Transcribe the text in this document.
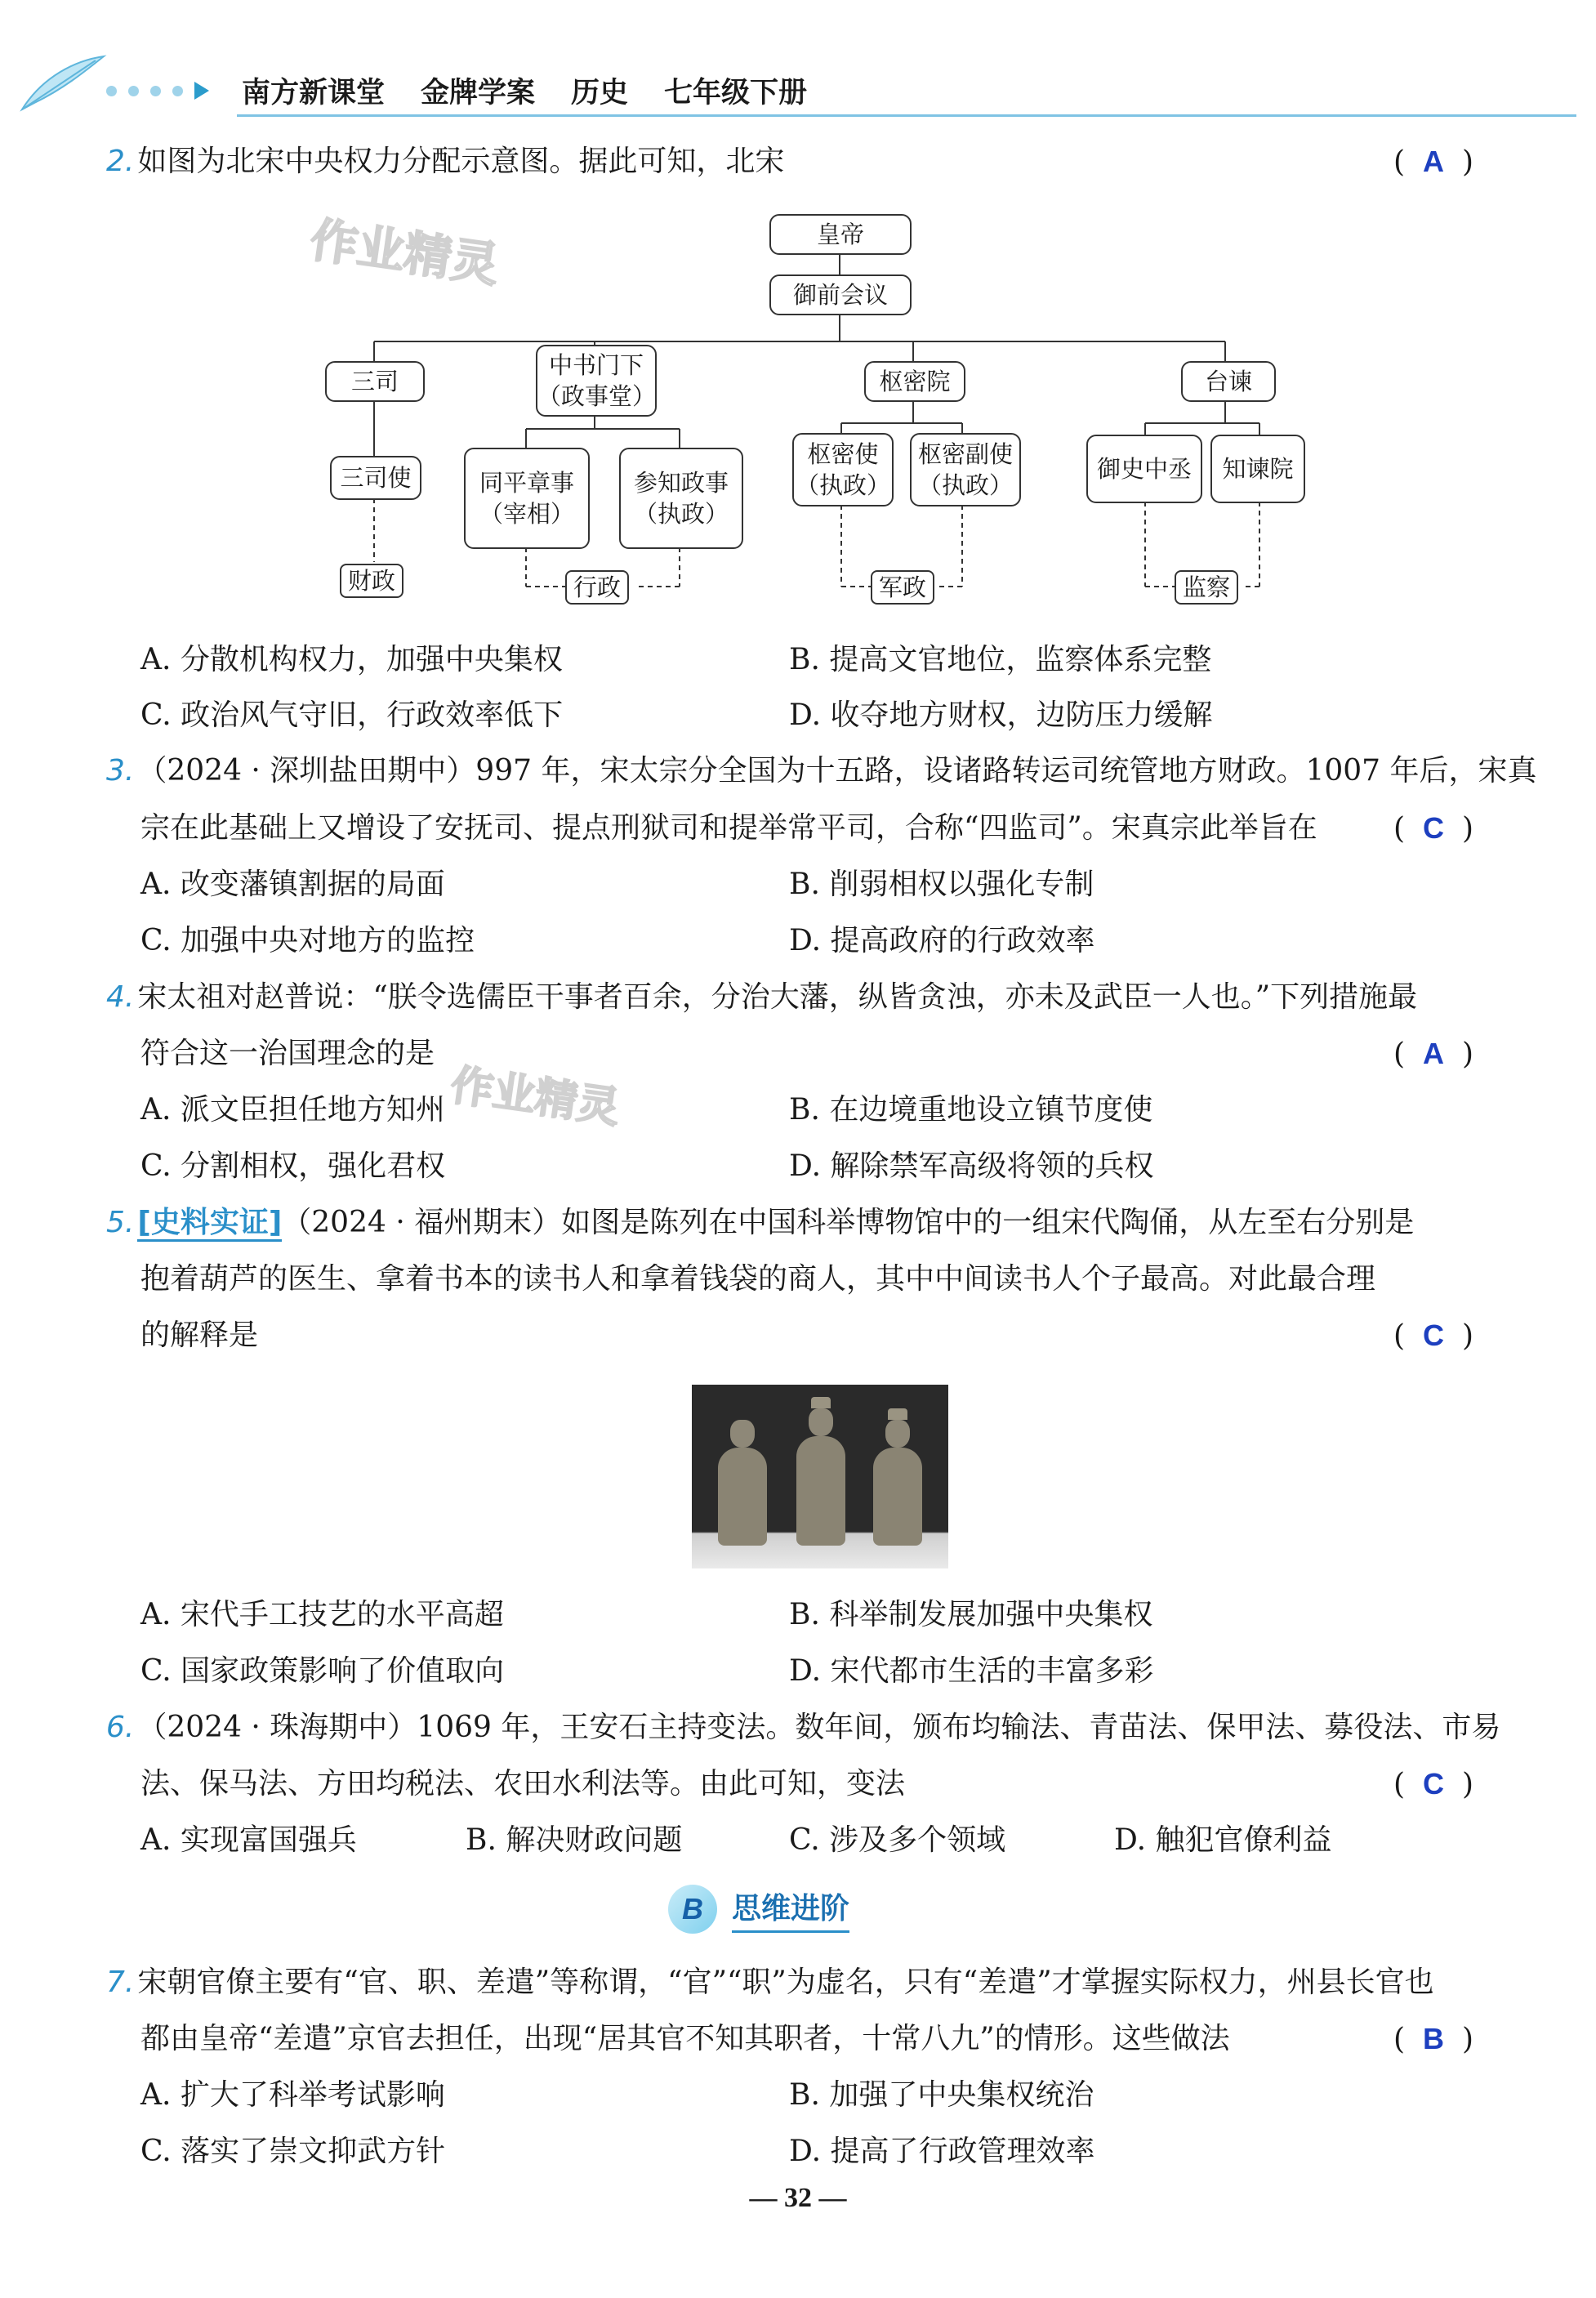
南方新课堂 金牌学案 历史 七年级下册
2. 如图为北宋中央权力分配示意图。据此可知，北宋	( A )
作业精灵	皇帝
御前会议
三司
三司使
财政
中书门下
（政事堂）
同平章事
（宰相）
参知政事
（执政）
行政
枢密院
枢密使
（执政）
枢密副使
（执政）
军政
台谏
御史中丞 知谏院
监察
A. 分散机构权力，加强中央集权	B. 提高文官地位，监察体系完整
C. 政治风气守旧，行政效率低下	D. 收夺地方财权，边防压力缓解
3. （2024 · 深圳盐田期中）997 年，宋太宗分全国为十五路，设诸路转运司统管地方财政。1007 年后，宋真
宗在此基础上又增设了安抚司、提点刑狱司和提举常平司，合称“四监司”。宋真宗此举旨在	( C )
A. 改变藩镇割据的局面	B. 削弱相权以强化专制
C. 加强中央对地方的监控	D. 提高政府的行政效率
4. 宋太祖对赵普说：“朕令选儒臣干事者百余，分治大藩，纵皆贪浊，亦未及武臣一人也。”下列措施最
符合这一治国理念的是	( A )
作业精灵
A. 派文臣担任地方知州	B. 在边境重地设立镇节度使
C. 分割相权，强化君权	D. 解除禁军高级将领的兵权
5. [史料实证]（2024 · 福州期末）如图是陈列在中国科举博物馆中的一组宋代陶俑，从左至右分别是
抱着葫芦的医生、拿着书本的读书人和拿着钱袋的商人，其中中间读书人个子最高。对此最合理
的解释是	( C )
A. 宋代手工技艺的水平高超	B. 科举制发展加强中央集权
C. 国家政策影响了价值取向	D. 宋代都市生活的丰富多彩
6. （2024 · 珠海期中）1069 年，王安石主持变法。数年间，颁布均输法、青苗法、保甲法、募役法、市易
法、保马法、方田均税法、农田水利法等。由此可知，变法	( C )
A. 实现富国强兵	B. 解决财政问题	C. 涉及多个领域	D. 触犯官僚利益
B 思维进阶
7. 宋朝官僚主要有“官、职、差遣”等称谓，“官”“职”为虚名，只有“差遣”才掌握实际权力，州县长官也
都由皇帝“差遣”京官去担任，出现“居其官不知其职者，十常八九”的情形。这些做法	( B )
A. 扩大了科举考试影响	B. 加强了中央集权统治
C. 落实了崇文抑武方针	D. 提高了行政管理效率
— 32 —
